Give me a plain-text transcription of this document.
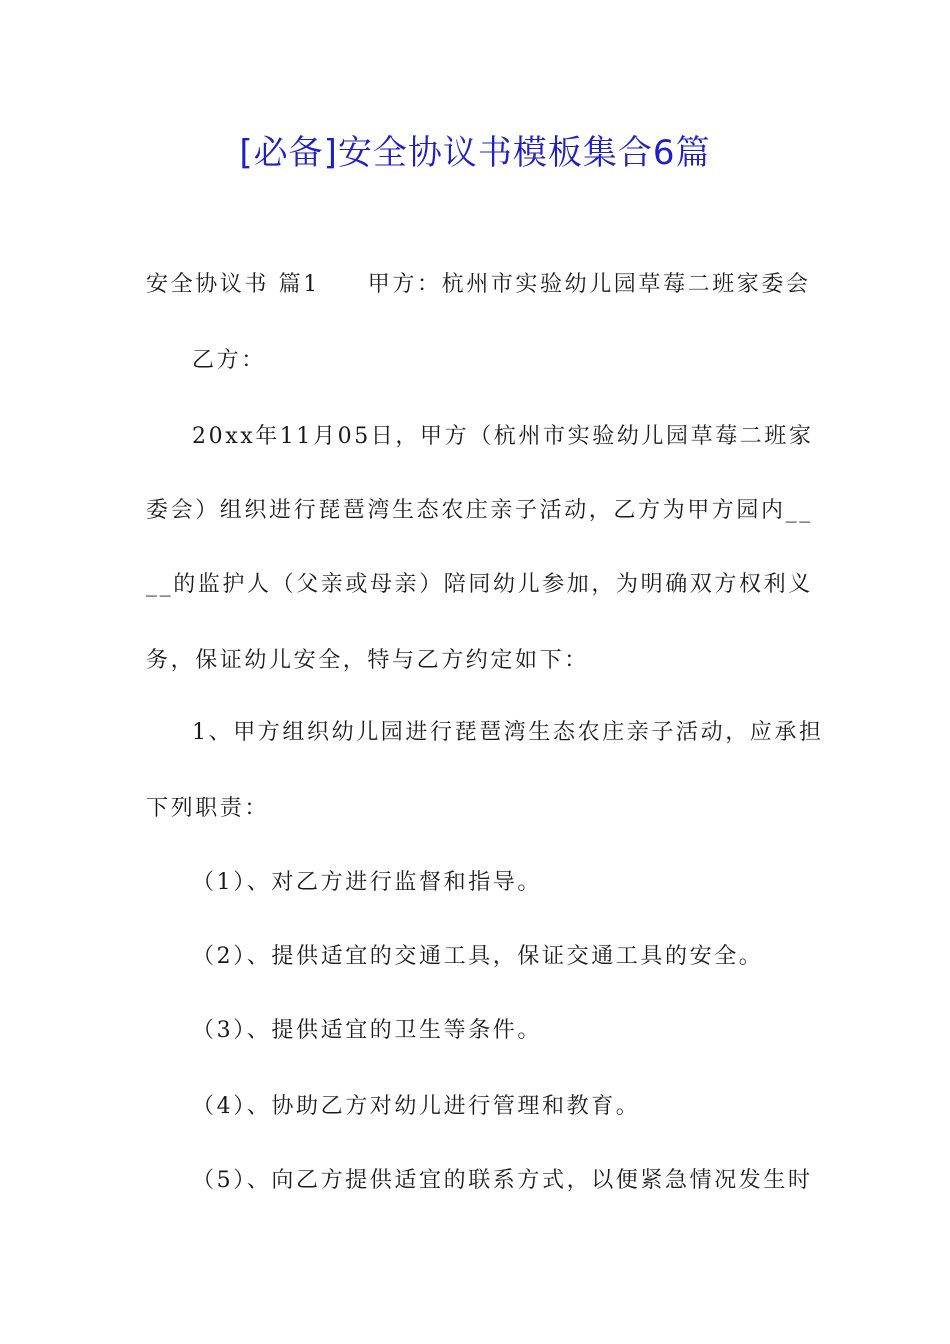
[必备]安全协议书模板集合6篇
安全协议书 篇1 甲方：杭州市实验幼儿园草莓二班家委会
乙方：
20xx年11月05日，甲方（杭州市实验幼儿园草莓二班家
委会）组织进行琵琶湾生态农庄亲子活动，乙方为甲方园内__
__的监护人（父亲或母亲）陪同幼儿参加，为明确双方权利义
务，保证幼儿安全，特与乙方约定如下：
1、甲方组织幼儿园进行琵琶湾生态农庄亲子活动，应承担
下列职责：
（1）、对乙方进行监督和指导。
（2）、提供适宜的交通工具，保证交通工具的安全。
（3）、提供适宜的卫生等条件。
（4）、协助乙方对幼儿进行管理和教育。
（5）、向乙方提供适宜的联系方式，以便紧急情况发生时
